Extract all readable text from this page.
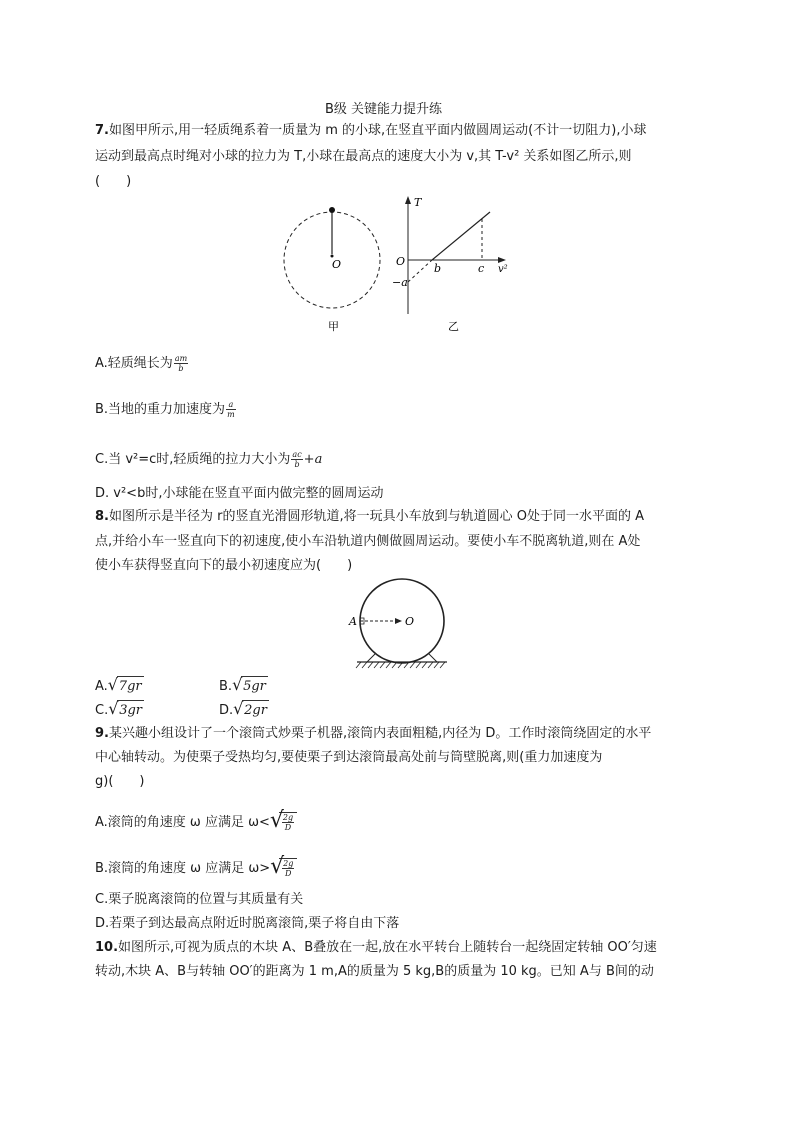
B级 关键能力提升练
7.如图甲所示,用一轻质绳系着一质量为 m 的小球,在竖直平面内做圆周运动(不计一切阻力),小球
运动到最高点时绳对小球的拉力为 T,小球在最高点的速度大小为 v,其 T-v² 关系如图乙所示,则
(　　)
O
甲
T
O
−a
b	c v²
乙
A.轻质绳长为 $\frac{am}{b}$
B.当地的重力加速度为 $\frac{a}{m}$
C.当 v²=c时,轻质绳的拉力大小为 $\frac{ac}{b} +a$
D. v²<b时,小球能在竖直平面内做完整的圆周运动
8.如图所示是半径为 r的竖直光滑圆形轨道,将一玩具小车放到与轨道圆心 O处于同一水平面的 A
点,并给小车一竖直向下的初速度,使小车沿轨道内侧做圆周运动。要使小车不脱离轨道,则在 A处
使小车获得竖直向下的最小初速度应为(　　)
A	O
A. √ 7gr	B. √ 5gr
C. √ 3gr	D. √ 2gr
9.某兴趣小组设计了一个滚筒式炒栗子机器,滚筒内表面粗糙,内径为 D。工作时滚筒绕固定的水平
中心轴转动。为使栗子受热均匀,要使栗子到达滚筒最高处前与筒壁脱离,则(重力加速度为
g)(　　)
A.滚筒的角速度 ω 应满足 ω< √
$\frac{2g}{D}$
B.滚筒的角速度 ω 应满足 ω> √
$\frac{2g}{D}$
C.栗子脱离滚筒的位置与其质量有关
D.若栗子到达最高点附近时脱离滚筒,栗子将自由下落
10.如图所示,可视为质点的木块 A、B叠放在一起,放在水平转台上随转台一起绕固定转轴 OO′匀速
转动,木块 A、B与转轴 OO′的距离为 1 m,A的质量为 5 kg,B的质量为 10 kg。已知 A与 B间的动
